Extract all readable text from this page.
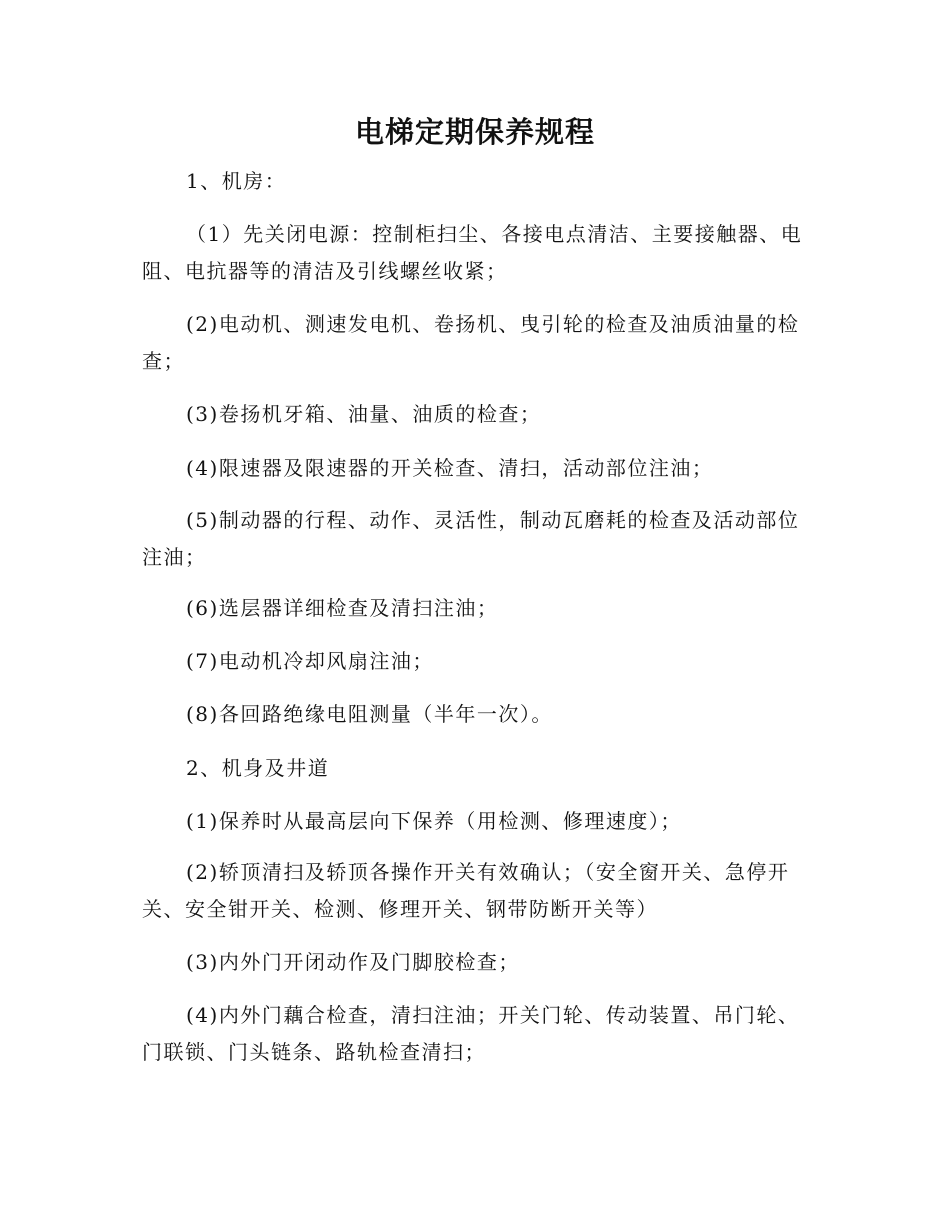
电梯定期保养规程
1、机房：
（1）先关闭电源：控制柜扫尘、各接电点清洁、主要接触器、电阻、电抗器等的清洁及引线螺丝收紧；
(2)电动机、测速发电机、卷扬机、曳引轮的检查及油质油量的检查；
(3)卷扬机牙箱、油量、油质的检查；
(4)限速器及限速器的开关检查、清扫，活动部位注油；
(5)制动器的行程、动作、灵活性，制动瓦磨耗的检查及活动部位注油；
(6)选层器详细检查及清扫注油；
(7)电动机冷却风扇注油；
(8)各回路绝缘电阻测量（半年一次）。
2、机身及井道
(1)保养时从最高层向下保养（用检测、修理速度）；
(2)轿顶清扫及轿顶各操作开关有效确认；（安全窗开关、急停开关、安全钳开关、检测、修理开关、钢带防断开关等）
(3)内外门开闭动作及门脚胶检查；
(4)内外门藕合检查，清扫注油；开关门轮、传动装置、吊门轮、门联锁、门头链条、路轨检查清扫；
